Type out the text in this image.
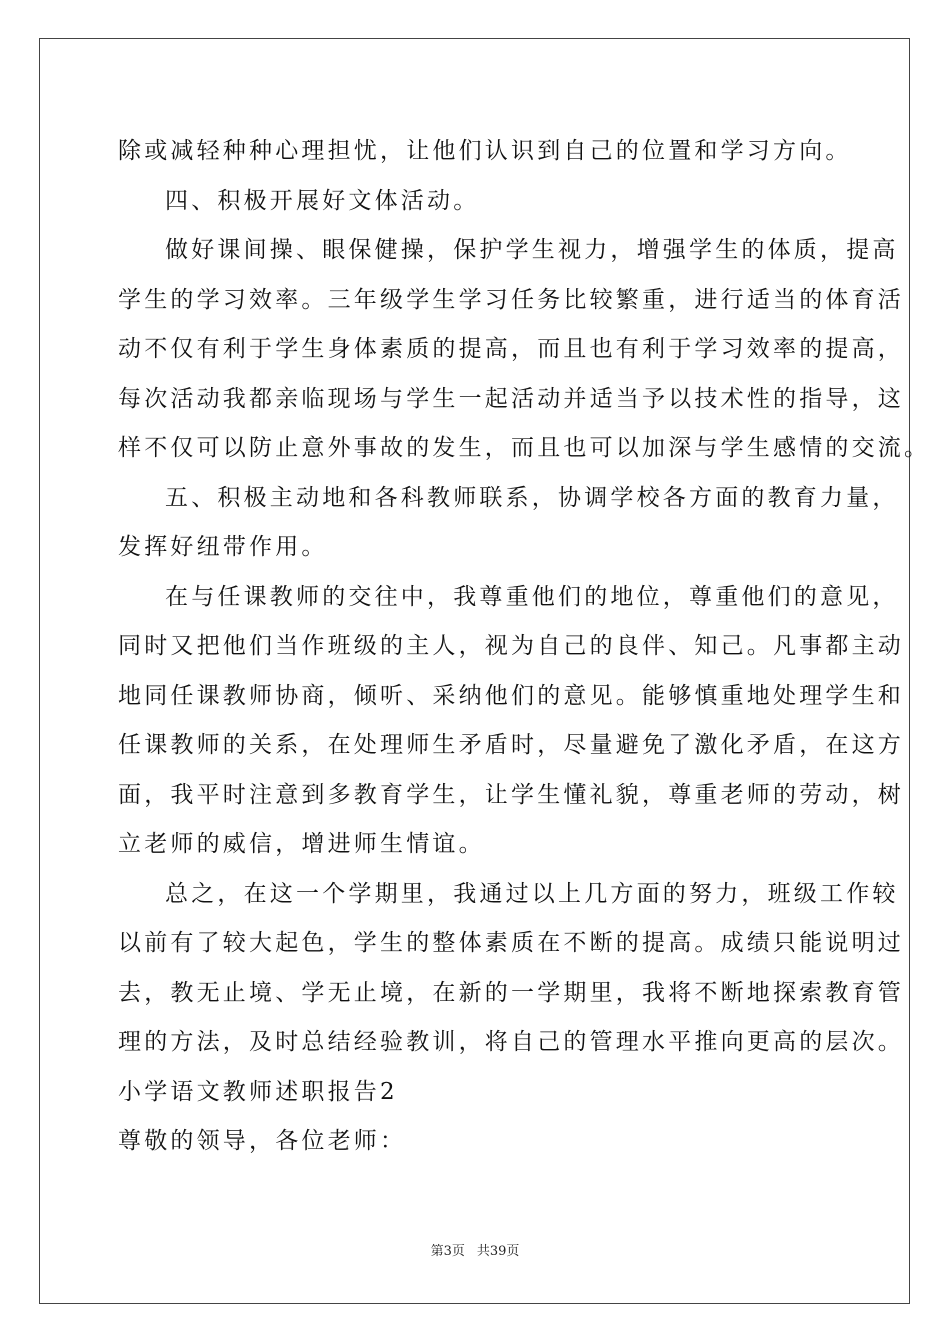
除或减轻种种心理担忧，让他们认识到自己的位置和学习方向。
四、积极开展好文体活动。
做好课间操、眼保健操，保护学生视力，增强学生的体质，提高
学生的学习效率。三年级学生学习任务比较繁重，进行适当的体育活
动不仅有利于学生身体素质的提高，而且也有利于学习效率的提高，
每次活动我都亲临现场与学生一起活动并适当予以技术性的指导，这
样不仅可以防止意外事故的发生，而且也可以加深与学生感情的交流。
五、积极主动地和各科教师联系，协调学校各方面的教育力量，
发挥好纽带作用。
在与任课教师的交往中，我尊重他们的地位，尊重他们的意见，
同时又把他们当作班级的主人，视为自己的良伴、知己。凡事都主动
地同任课教师协商，倾听、采纳他们的意见。能够慎重地处理学生和
任课教师的关系，在处理师生矛盾时，尽量避免了激化矛盾，在这方
面，我平时注意到多教育学生，让学生懂礼貌，尊重老师的劳动，树
立老师的威信，增进师生情谊。
总之，在这一个学期里，我通过以上几方面的努力，班级工作较
以前有了较大起色，学生的整体素质在不断的提高。成绩只能说明过
去，教无止境、学无止境，在新的一学期里，我将不断地探索教育管
理的方法，及时总结经验教训，将自己的管理水平推向更高的层次。
小学语文教师述职报告2
尊敬的领导，各位老师：
第3页 共39页
